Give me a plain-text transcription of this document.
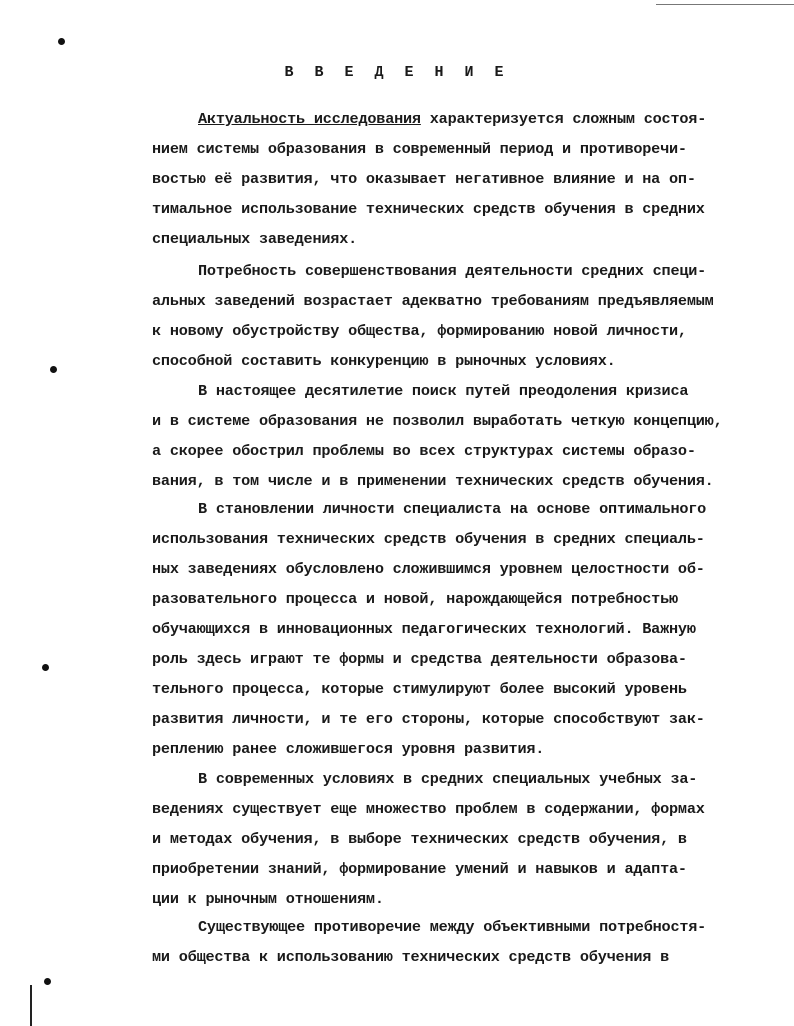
В В Е Д Е Н И Е
Актуальность исследования характеризуется сложным состоя-
нием системы образования в современный период и противоречи-
востью её развития, что оказывает негативное влияние и на оп-
тимальное использование технических средств обучения в средних
специальных заведениях.
Потребность совершенствования деятельности средних специ-
альных заведений возрастает адекватно требованиям предъявляемым
к новому обустройству общества, формированию новой личности,
способной составить конкуренцию в рыночных условиях.
В настоящее десятилетие поиск путей преодоления кризиса
и в системе образования не позволил выработать четкую концепцию,
а скорее обострил проблемы во всех структурах системы образо-
вания, в том числе и в применении технических средств обучения.
В становлении личности специалиста на основе оптимального
использования технических средств обучения в средних специаль-
ных заведениях обусловлено сложившимся уровнем целостности об-
разовательного процесса и новой, нарождающейся потребностью
обучающихся в инновационных педагогических технологий. Важную
роль здесь играют те формы и средства деятельности образова-
тельного процесса, которые стимулируют более высокий уровень
развития личности, и те его стороны, которые способствуют зак-
реплению ранее сложившегося уровня развития.
В современных условиях в средних специальных учебных за-
ведениях существует еще множество проблем в содержании, формах
и методах обучения, в выборе технических средств обучения, в
приобретении знаний, формирование умений и навыков и адапта-
ции к рыночным отношениям.
Существующее противоречие между объективными потребностя-
ми общества к использованию технических средств обучения в
